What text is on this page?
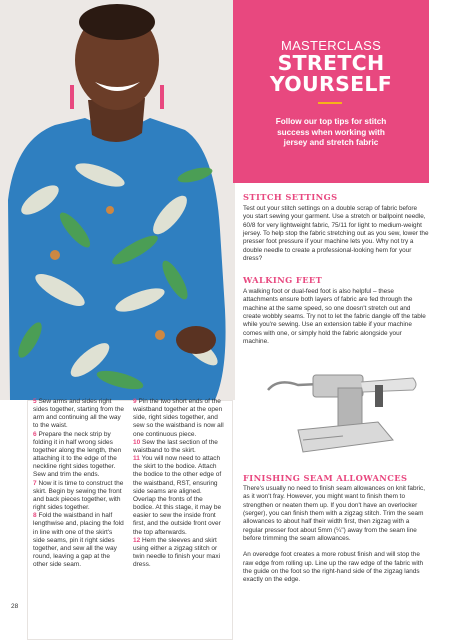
MASTERCLASS
STRETCH
YOURSELF
Follow our top tips for stitch success when working with jersey and stretch fabric
STITCH SETTINGS
Test out your stitch settings on a double scrap of fabric before you start sewing your garment. Use a stretch or ballpoint needle, 60/8 for very lightweight fabric, 75/11 for light to medium-weight jersey. To help stop the fabric stretching out as you sew, lower the presser foot pressure if your machine lets you. Why not try a double needle to create a professional-looking hem for your dress?
WALKING FEET
A walking foot or dual-feed foot is also helpful – these attachments ensure both layers of fabric are fed through the machine at the same speed, so one doesn't stretch out and create wobbly seams. Try not to let the fabric dangle off the table while you're sewing. Use an extension table if your machine comes with one, or simply hold the fabric alongside your machine.
FINISHING SEAM ALLOWANCES
There's usually no need to finish seam allowances on knit fabric, as it won't fray. However, you might want to finish them to strengthen or neaten them up. If you don't have an overlocker (serger), you can finish them with a zigzag stitch. Trim the seam allowances to about half their width first, then zigzag with a regular presser foot about 5mm (¼") away from the seam line before trimming the seam allowances.
An overedge foot creates a more robust finish and will stop the raw edge from rolling up. Line up the raw edge of the fabric with the guide on the foot so the right-hand side of the zigzag lands exactly on the edge.

5 Sew arms and sides right sides together, starting from the arm and continuing all the way to the waist.

6 Prepare the neck strip by folding it in half wrong sides together along the length, then attaching it to the edge of the neckline right sides together. Sew and trim the ends.

7 Now it is time to construct the skirt. Begin by sewing the front and back pieces together, with right sides together.

8 Fold the waistband in half lengthwise and, placing the fold in line with one of the skirt's side seams, pin it right sides together, and sew all the way round, leaving a gap at the other side seam.

9 Pin the two short ends of the waistband together at the open side, right sides together, and sew so the waistband is now all one continuous piece.

10 Sew the last section of the waistband to the skirt.

11 You will now need to attach the skirt to the bodice. Attach the bodice to the other edge of the waistband, RST, ensuring side seams are aligned. Overlap the fronts of the bodice. At this stage, it may be easier to sew the inside front first, and the outside front over the top afterwards.

12 Hem the sleeves and skirt using either a zigzag stitch or twin needle to finish your maxi dress.

28
